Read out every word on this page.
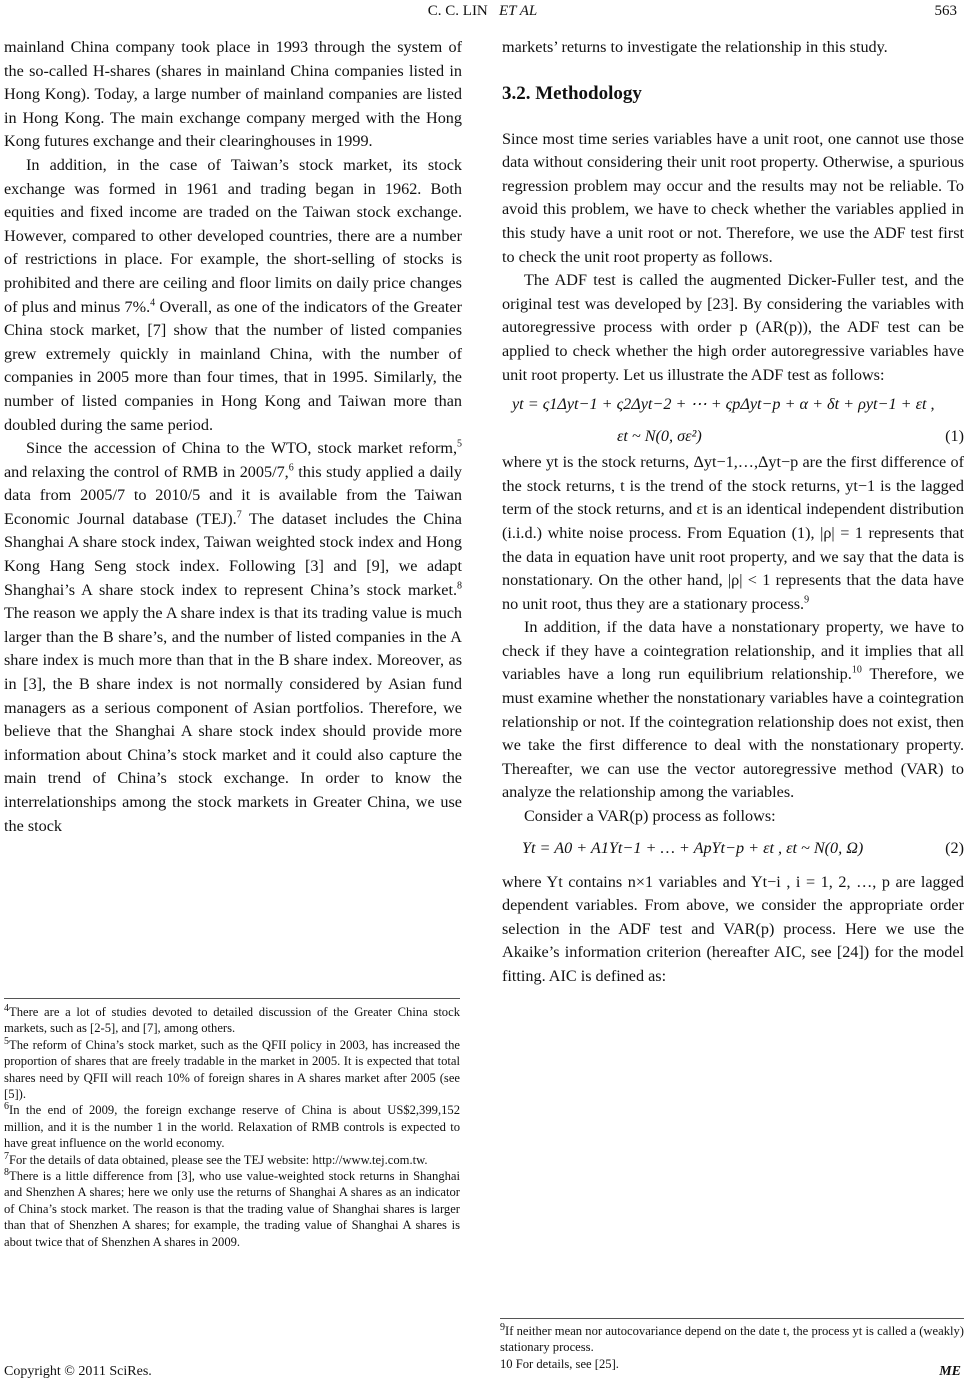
C. C. LIN ET AL	563

mainland China company took place in 1993 through the system of the so-called H-shares (shares in mainland China companies listed in Hong Kong). Today, a large number of mainland companies are listed in Hong Kong. The main exchange company merged with the Hong Kong futures exchange and their clearinghouses in 1999.

In addition, in the case of Taiwan’s stock market, its stock exchange was formed in 1961 and trading began in 1962. Both equities and fixed income are traded on the Taiwan stock exchange. However, compared to other developed countries, there are a number of restrictions in place. For example, the short-selling of stocks is prohibited and there are ceiling and floor limits on daily price changes of plus and minus 7%.$^4$ Overall, as one of the indicators of the Greater China stock market, [7] show that the number of listed companies grew extremely quickly in mainland China, with the number of companies in 2005 more than four times, that in 1995. Similarly, the number of listed companies in Hong Kong and Taiwan more than doubled during the same period.

Since the accession of China to the WTO, stock market reform,$^5$ and relaxing the control of RMB in 2005/7,$^6$ this study applied a daily data from 2005/7 to 2010/5 and it is available from the Taiwan Economic Journal database (TEJ).$^7$ The dataset includes the China Shanghai A share stock index, Taiwan weighted stock index and Hong Kong Hang Seng stock index. Following [3] and [9], we adapt Shanghai’s A share stock index to represent China’s stock market.$^8$ The reason we apply the A share index is that its trading value is much larger than the B share’s, and the number of listed companies in the A share index is much more than that in the B share index. Moreover, as in [3], the B share index is not normally considered by Asian fund managers as a serious component of Asian portfolios. Therefore, we believe that the Shanghai A share stock index should provide more information about China’s stock market and it could also capture the main trend of China’s stock exchange. In order to know the interrelationships among the stock markets in Greater China, we use the stock

$^4$There are a lot of studies devoted to detailed discussion of the Greater China stock markets, such as [2-5], and [7], among others.

$^5$The reform of China’s stock market, such as the QFII policy in 2003, has increased the proportion of shares that are freely tradable in the market in 2005. It is expected that total shares need by QFII will reach 10% of foreign shares in A shares market after 2005 (see [5]).

$^6$In the end of 2009, the foreign exchange reserve of China is about US$2,399,152 million, and it is the number 1 in the world. Relaxation of RMB controls is expected to have great influence on the world economy.

$^7$For the details of data obtained, please see the TEJ website: http://www.tej.com.tw.

$^8$There is a little difference from [3], who use value-weighted stock returns in Shanghai and Shenzhen A shares; here we only use the returns of Shanghai A shares as an indicator of China’s stock market. The reason is that the trading value of Shanghai shares is larger than that of Shenzhen A shares; for example, the trading value of Shanghai A shares is about twice that of Shenzhen A shares in 2009.

markets’ returns to investigate the relationship in this study.

3.2. Methodology

Since most time series variables have a unit root, one cannot use those data without considering their unit root property. Otherwise, a spurious regression problem may occur and the results may not be reliable. To avoid this problem, we have to check whether the variables applied in this study have a unit root or not. Therefore, we use the ADF test first to check the unit root property as follows.

The ADF test is called the augmented Dicker-Fuller test, and the original test was developed by [23]. By considering the variables with autoregressive process with order p (AR(p)), the ADF test can be applied to check whether the high order autoregressive variables have unit root property. Let us illustrate the ADF test as follows:

yt = ς1Δyt−1 + ς2Δyt−2 + ⋯ + ςpΔyt−p + α + δt + ρyt−1 + εt ,
εt ~ N(0, σε²)	(1)

where yt is the stock returns, Δyt−1,…,Δyt−p are the first difference of the stock returns, t is the trend of the stock returns, yt−1 is the lagged term of the stock returns, and εt is an identical independent distribution (i.i.d.) white noise process. From Equation (1), |ρ| = 1 represents that the data in equation have unit root property, and we say that the data is nonstationary. On the other hand, |ρ| < 1 represents that the data have no unit root, thus they are a stationary process.$^9$

In addition, if the data have a nonstationary property, we have to check if they have a cointegration relationship, and it implies that all variables have a long run equilibrium relationship.$^{10}$ Therefore, we must examine whether the nonstationary variables have a cointegration relationship or not. If the cointegration relationship does not exist, then we take the first difference to deal with the nonstationary property. Thereafter, we can use the vector autoregressive method (VAR) to analyze the relationship among the variables.

Consider a VAR(p) process as follows:

Yt = A0 + A1Yt−1 + … + ApYt−p + εt , εt ~ N(0, Ω)	(2)

where Yt contains n×1 variables and Yt−i , i = 1, 2, …, p are lagged dependent variables. From above, we consider the appropriate order selection in the ADF test and VAR(p) process. Here we use the Akaike’s information criterion (hereafter AIC, see [24]) for the model fitting. AIC is defined as:

$^9$If neither mean nor autocovariance depend on the date t, the process yt is called a (weakly) stationary process.

10 For details, see [25].

Copyright © 2011 SciRes.	ME
